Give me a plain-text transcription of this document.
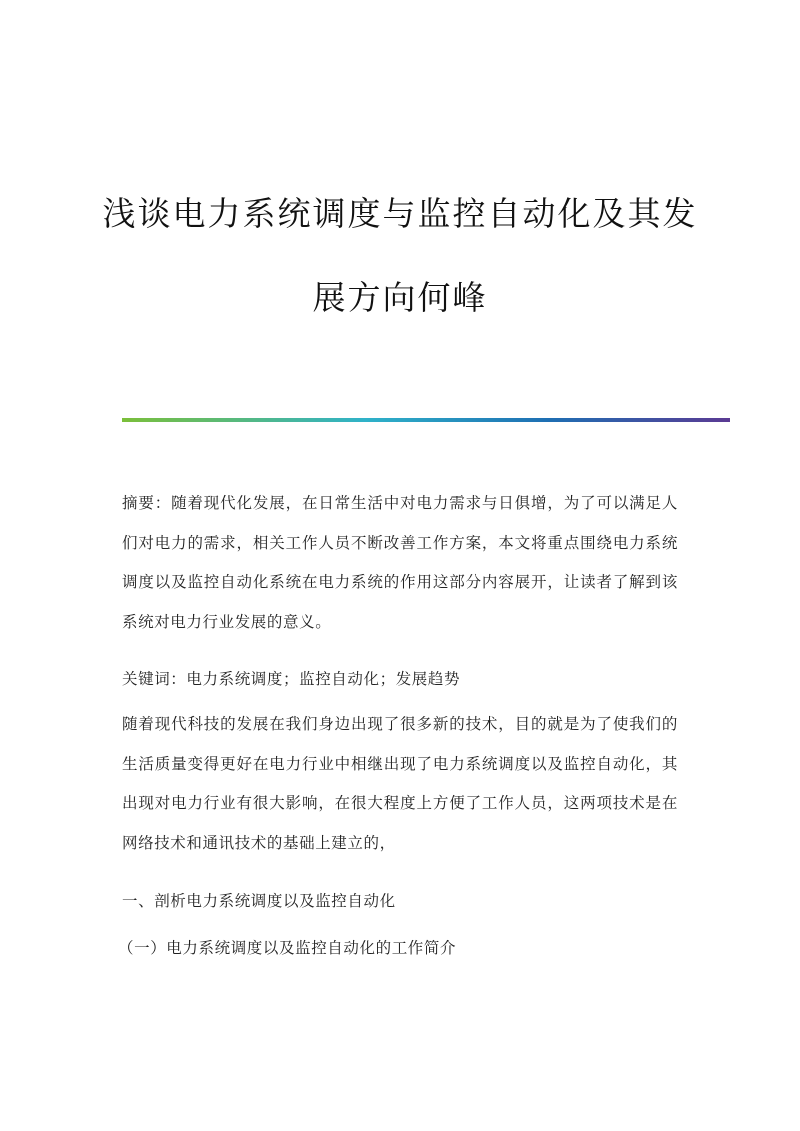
浅谈电力系统调度与监控自动化及其发
展方向何峰

摘要：随着现代化发展，在日常生活中对电力需求与日俱增，为了可以满足人们对电力的需求，相关工作人员不断改善工作方案，本文将重点围绕电力系统调度以及监控自动化系统在电力系统的作用这部分内容展开，让读者了解到该系统对电力行业发展的意义。

关键词：电力系统调度；监控自动化；发展趋势

随着现代科技的发展在我们身边出现了很多新的技术，目的就是为了使我们的生活质量变得更好在电力行业中相继出现了电力系统调度以及监控自动化，其出现对电力行业有很大影响，在很大程度上方便了工作人员，这两项技术是在网络技术和通讯技术的基础上建立的，

一、剖析电力系统调度以及监控自动化

（一）电力系统调度以及监控自动化的工作简介
